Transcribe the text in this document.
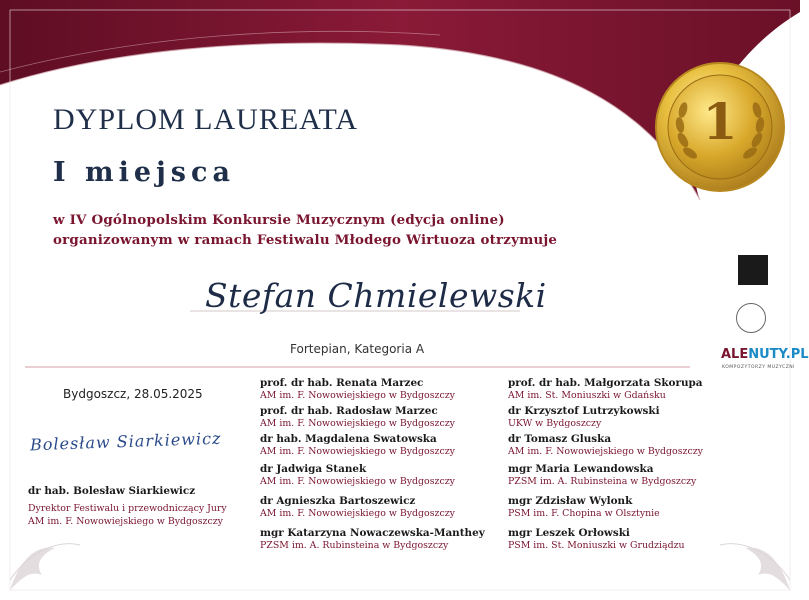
DYPLOM LAUREATA
I miejsca
w IV Ogólnopolskim Konkursie Muzycznym (edycja online)
organizowanym w ramach Festiwalu Młodego Wirtuoza otrzymuje
Stefan Chmielewski
Fortepian, Kategoria A
Bydgoszcz, 28.05.2025
1
prof. dr hab. Renata Marzec
AM im. F. Nowowiejskiego w Bydgoszczy
prof. dr hab. Radosław Marzec
AM im. F. Nowowiejskiego w Bydgoszczy
dr hab. Magdalena Swatowska
AM im. F. Nowowiejskiego w Bydgoszczy
dr Jadwiga Stanek
AM im. F. Nowowiejskiego w Bydgoszczy
dr Agnieszka Bartoszewicz
AM im. F. Nowowiejskiego w Bydgoszczy
mgr Katarzyna Nowaczewska-Manthey
PZSM im. A. Rubinsteina w Bydgoszczy
prof. dr hab. Małgorzata Skorupa
AM im. St. Moniuszki w Gdańsku
dr Krzysztof Lutrzykowski
UKW w Bydgoszczy
dr Tomasz Gluska
AM im. F. Nowowiejskiego w Bydgoszczy
mgr Maria Lewandowska
PZSM im. A. Rubinsteina w Bydgoszczy
mgr Zdzisław Wylonk
PSM im. F. Chopina w Olsztynie
mgr Leszek Orłowski
PSM im. St. Moniuszki w Grudziądzu
Bolesław Siarkiewicz
dr hab. Bolesław Siarkiewicz
Dyrektor Festiwalu i przewodniczący Jury
AM im. F. Nowowiejskiego w Bydgoszczy
ALENUTY.PL
KOMPOZYTORZY MUZYCZNI
